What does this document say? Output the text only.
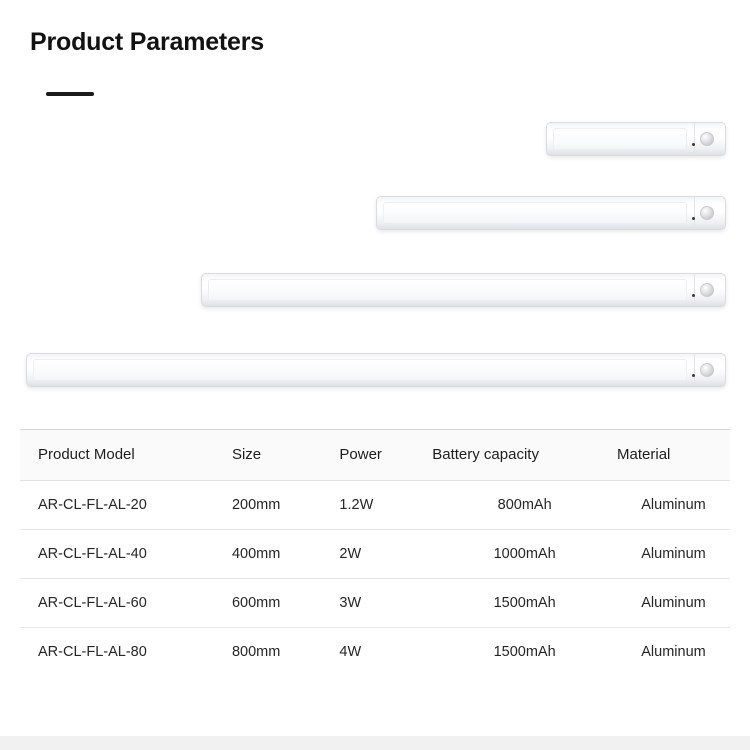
Product Parameters
Product Model	Size	Power	Battery capacity	Material
AR-CL-FL-AL-20	200mm	1.2W	800mAh	Aluminum
AR-CL-FL-AL-40	400mm	2W	1000mAh	Aluminum
AR-CL-FL-AL-60	600mm	3W	1500mAh	Aluminum
AR-CL-FL-AL-80	800mm	4W	1500mAh	Aluminum
